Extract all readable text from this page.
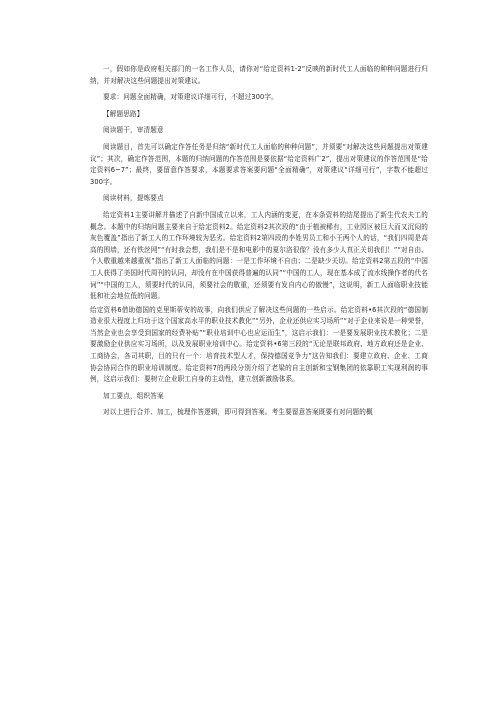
一，假如你是政府相关部门的一名工作人员，请你对“给定资料1-2”反映的新时代工人面临的种种问题进行归纳，并对解决这些问题提出对策建议。

要求：问题全面精确，对策建议详细可行，不超过300字。

【解题思路】

阅读题干，审清题意

阅读题目，首先可以确定作答任务是归纳“新时代工人面临的种种问题”，并须要“对解决这些问题提出对策建议”；其次，确定作答范围，本题的归纳问题的作答范围是要依据“给定资料广2”，提出对策建议的作答范围是“给定资料6~7”；最终，要留意作答要求，本题要求答案要问题“全面精确”，对策建议“详细可行”，字数不能超过300字。

阅读材料，提炼要点

给定资料1主要讲解并描述了自新中国成立以来，工人内涵的变更，在本条资料的结尾提出了新生代农夫工的概念。本题中的归纳问题主要来自于给定资料2。给定资料2其次段的“由于植被稀有，工业园区被巨大而又沉闷的灰色覆盖”指出了新工人的工作环境较为恶劣。给定资料2第四段的李姓男员工和小王两个人的话，“我们四周是高高的围墙，还有铁丝网”“有时我会想，我们是不是和电影中的夏尔洛很像？没有多少人真正关切我们！”“对自由、个人敬重越来越重视”指出了新工人面临的问题：一是工作环境不自由；二是缺少关切。给定资料2第五段的“中国工人获得了美国时代周刊的认同，却没有在中国获得普遍的认同”“中国的工人，现在基本成了流水线操作者的代名词”“中国的工人，须要时代的认同，须要社会的敬重，还须要有发自内心的傲慢”，这说明，新工人面临职业技能低和社会地位低的问题。

给定资料6借助德国的克里斯蒂安的故事，向我们供应了解决这些问题的一些启示。给定资料•6其次段的“德国制造业很大程度上归功于这个国家高水平的职业技术教化”“另外，企业还供应实习场所”“对于企业来说是一种荣誉，当然企业也会享受到国家的经费补贴”“职业培训中心也应运而生”，这启示我们：一是要发展职业技术教化；二是要激励企业供应实习场所，以及发展职业培训中心。给定资料•6第三段的“无论是联邦政府、地方政府还是企业、工商协会，各司其职，目的只有一个：培育技术型人才，保持德国竞争力”这告知我们：要建立政府、企业、工商协会协同合作的职业培训制度。给定资料7的两段分别介绍了老梁的自主创新和宝钢集团的依靠职工实现利润的事例，这启示我们：要树立企业职工自身的主动性，建立创新激励体系。

加工要点，组织答案

对以上进行合并、加工，梳理作答逻辑，即可得到答案。考生要留意答案既要有对问题的概
